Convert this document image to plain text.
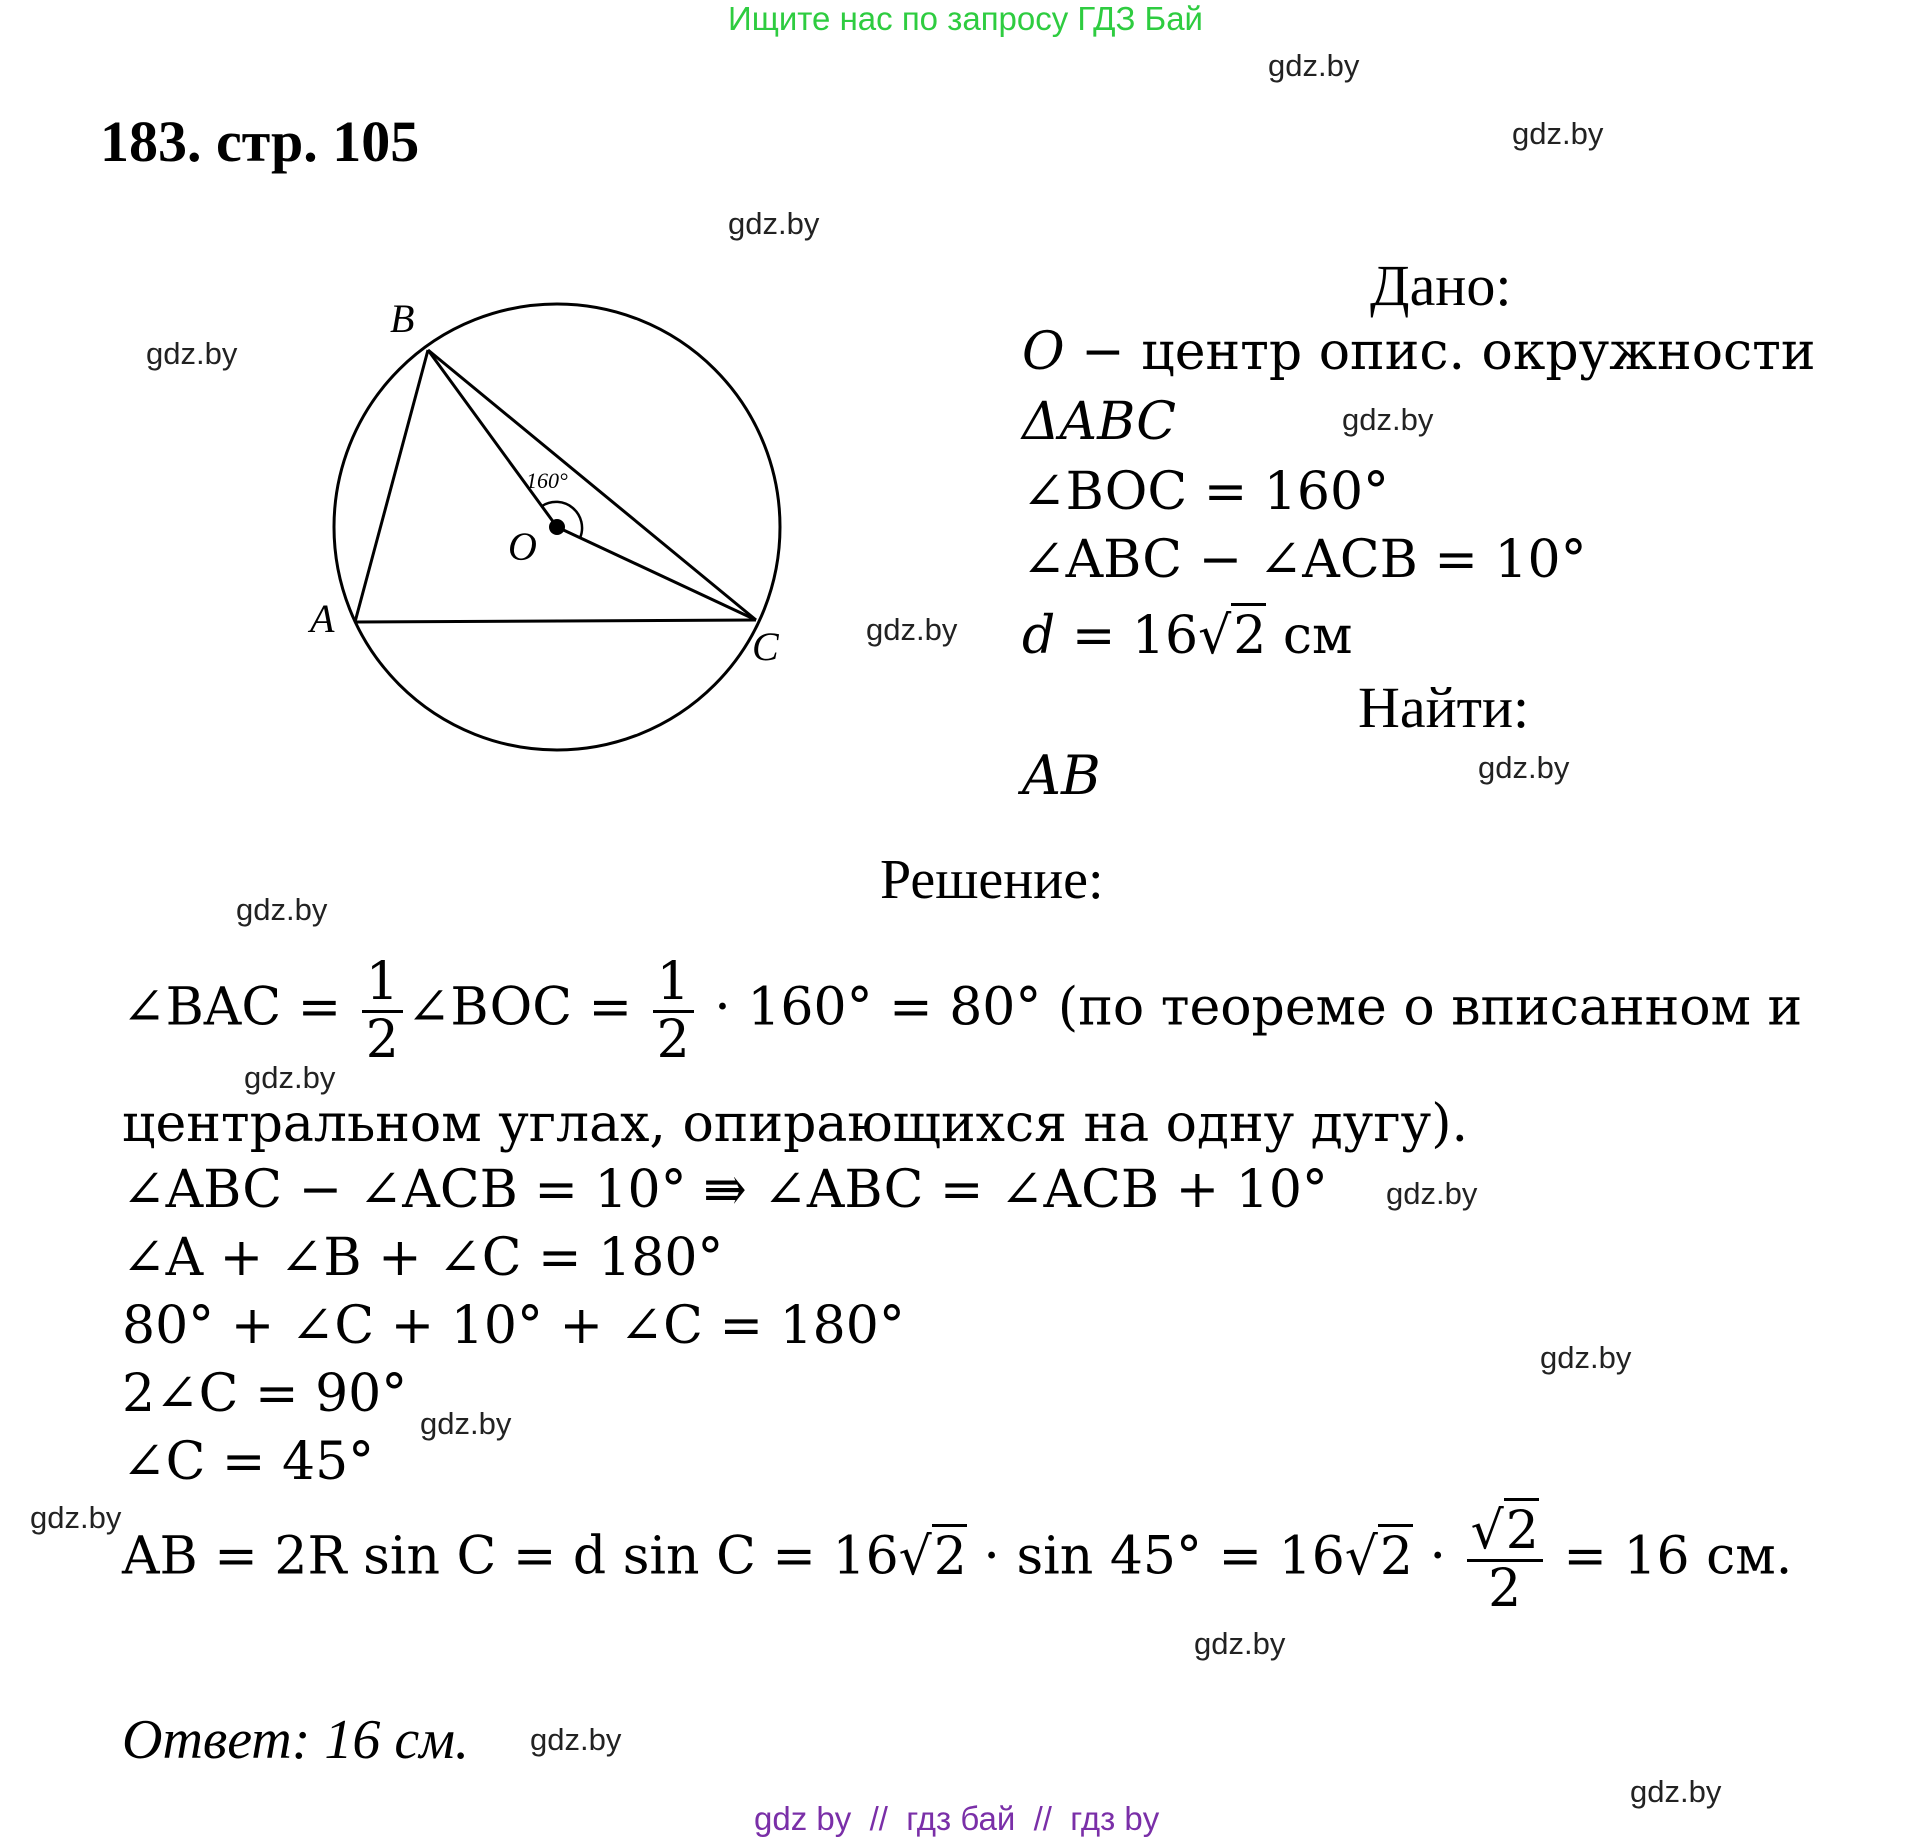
Ищите нас по запросу ГДЗ Бай
gdz.by
gdz.by
gdz.by
gdz.by
gdz.by
gdz.by
gdz.by
gdz.by
gdz.by
gdz.by
gdz.by
gdz.by
gdz.by
gdz.by
gdz.by
gdz.by
183. стр. 105
B
A
C
O
160°
Дано:
O − центр опис. окружности
ΔABC
∠BOC = 160°
∠ABC − ∠ACB = 10°
d = 16√2 см
Найти:
AB
Решение:
∠BAC = $\frac{1}{2}$ ∠BOC = $\frac{1}{2} \cdot 160^\circ = 80^\circ$ (по теореме о вписанном и
центральном углах, опирающихся на одну дугу).
∠ABC − ∠ACB = 10° ⇛ ∠ABC = ∠ACB + 10°
∠A + ∠B + ∠C = 180°
80° + ∠C + 10° + ∠C = 180°
2∠C = 90°
∠C = 45°
AB = 2R sin C = d $\sin C = 16√2 \cdot \sin 45^\circ = 16√2 \cdot \frac{√2}{2} = 16$ см.
Ответ: 16 см.
gdz by  //  гдз бай  //  гдз by
